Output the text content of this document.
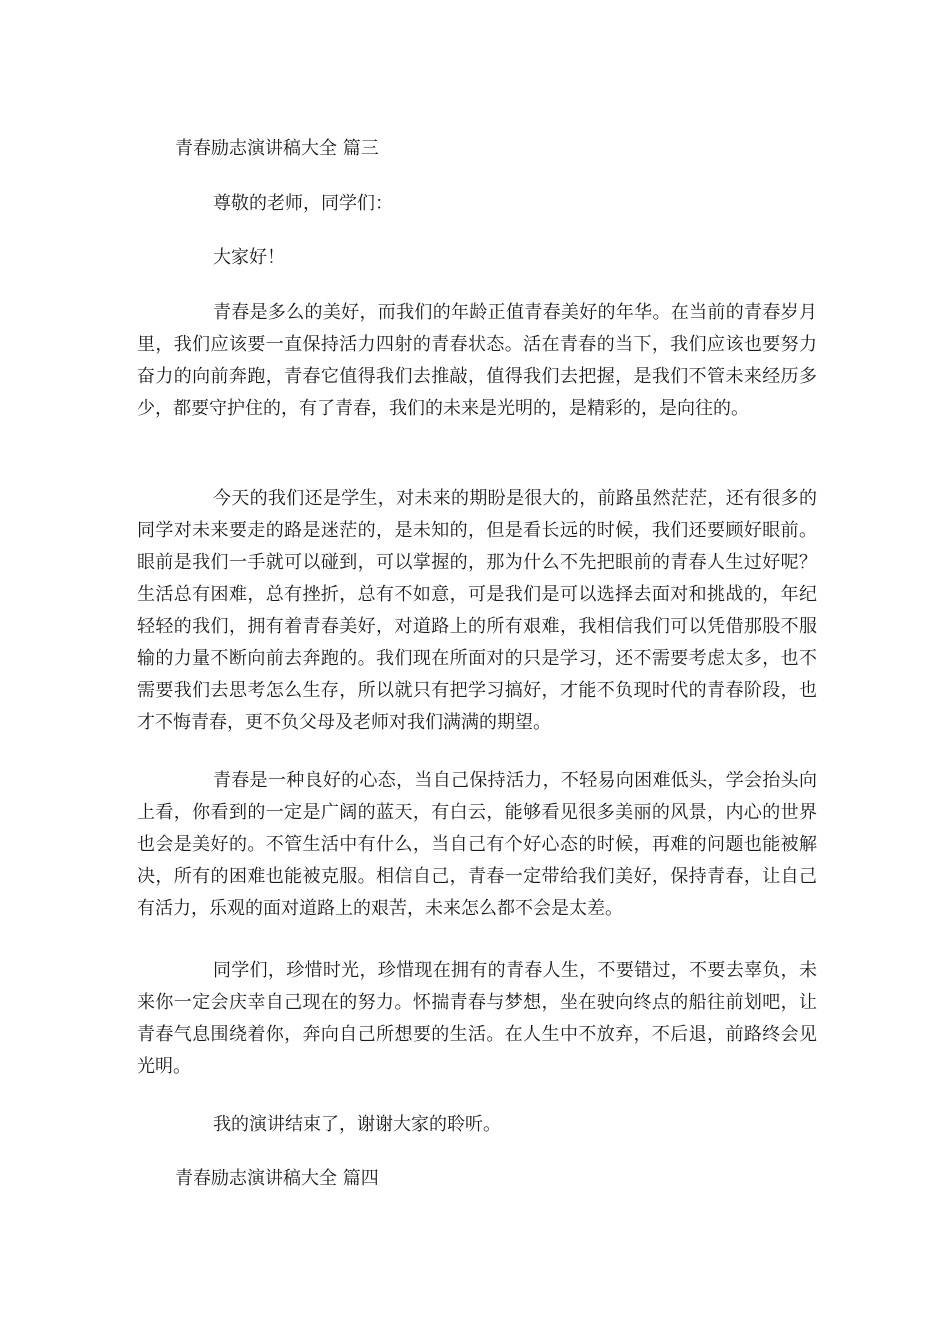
青春励志演讲稿大全 篇三
尊敬的老师，同学们：
大家好！

青春是多么的美好，而我们的年龄正值青春美好的年华。在当前的青春岁月里，我们应该要一直保持活力四射的青春状态。活在青春的当下，我们应该也要努力奋力的向前奔跑，青春它值得我们去推敲，值得我们去把握，是我们不管未来经历多少，都要守护住的，有了青春，我们的未来是光明的，是精彩的，是向往的。

今天的我们还是学生，对未来的期盼是很大的，前路虽然茫茫，还有很多的同学对未来要走的路是迷茫的，是未知的，但是看长远的时候，我们还要顾好眼前。眼前是我们一手就可以碰到，可以掌握的，那为什么不先把眼前的青春人生过好呢？生活总有困难，总有挫折，总有不如意，可是我们是可以选择去面对和挑战的，年纪轻轻的我们，拥有着青春美好，对道路上的所有艰难，我相信我们可以凭借那股不服输的力量不断向前去奔跑的。我们现在所面对的只是学习，还不需要考虑太多，也不需要我们去思考怎么生存，所以就只有把学习搞好，才能不负现时代的青春阶段，也才不悔青春，更不负父母及老师对我们满满的期望。

青春是一种良好的心态，当自己保持活力，不轻易向困难低头，学会抬头向上看，你看到的一定是广阔的蓝天，有白云，能够看见很多美丽的风景，内心的世界也会是美好的。不管生活中有什么，当自己有个好心态的时候，再难的问题也能被解决，所有的困难也能被克服。相信自己，青春一定带给我们美好，保持青春，让自己有活力，乐观的面对道路上的艰苦，未来怎么都不会是太差。

同学们，珍惜时光，珍惜现在拥有的青春人生，不要错过，不要去辜负，未来你一定会庆幸自己现在的努力。怀揣青春与梦想，坐在驶向终点的船往前划吧，让青春气息围绕着你，奔向自己所想要的生活。在人生中不放弃，不后退，前路终会见光明。

我的演讲结束了，谢谢大家的聆听。
青春励志演讲稿大全 篇四
